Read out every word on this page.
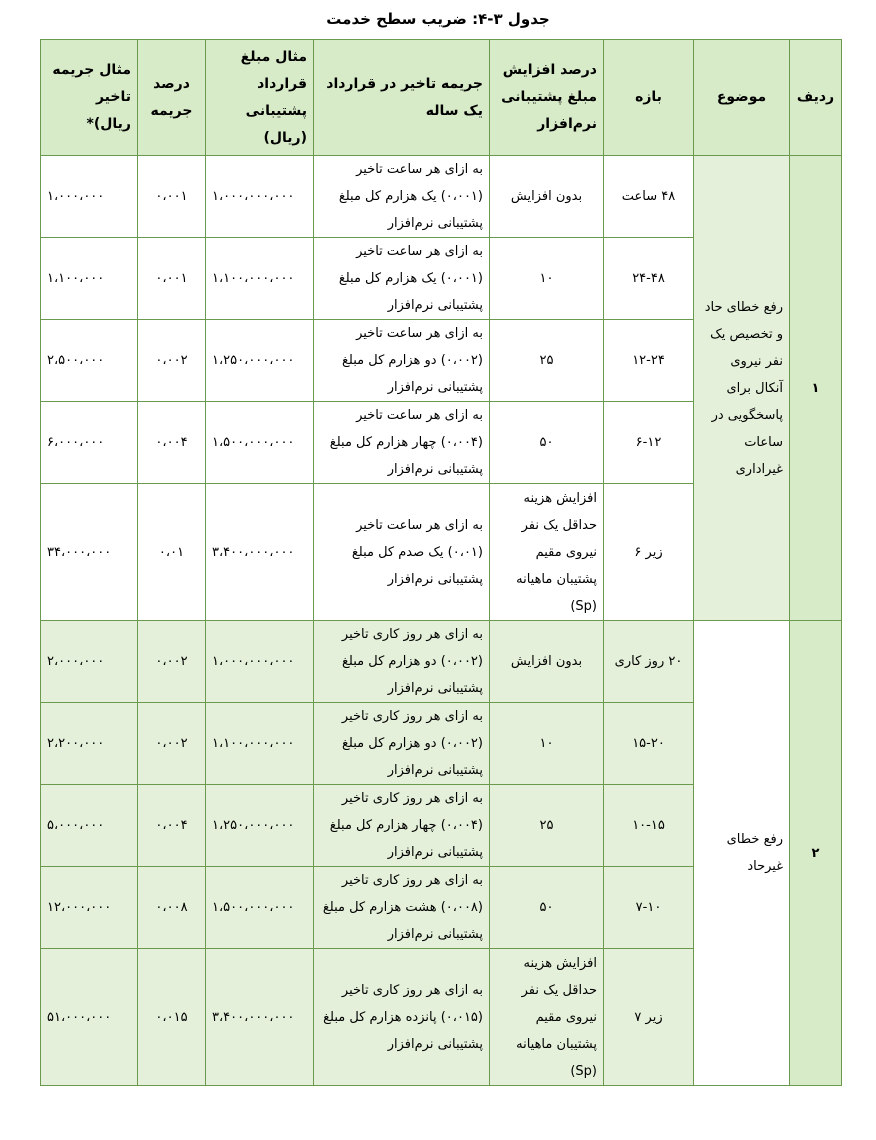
جدول ۳-۴: ضریب سطح خدمت
ردیف	موضوع	بازه	درصد افزایش مبلغ پشتیبانی نرم‌افزار	جریمه تاخیر در قرارداد یک ساله	مثال مبلغ قرارداد پشتیبانی (ریال)	درصد جریمه	مثال جریمه تاخیر ریال)*
۱	رفع خطای حاد و تخصیص یک نفر نیروی آنکال برای پاسخگویی در ساعات غیراداری	۴۸ ساعت	بدون افزایش	به ازای هر ساعت تاخیر (۰،۰۰۱) یک هزارم کل مبلغ پشتیبانی نرم‌افزار	۱،۰۰۰،۰۰۰،۰۰۰	۰،۰۰۱	۱،۰۰۰،۰۰۰
		۲۴-۴۸	۱۰	به ازای هر ساعت تاخیر (۰،۰۰۱) یک هزارم کل مبلغ پشتیبانی نرم‌افزار	۱،۱۰۰،۰۰۰،۰۰۰	۰،۰۰۱	۱،۱۰۰،۰۰۰
		۱۲-۲۴	۲۵	به ازای هر ساعت تاخیر (۰،۰۰۲) دو هزارم کل مبلغ پشتیبانی نرم‌افزار	۱،۲۵۰،۰۰۰،۰۰۰	۰،۰۰۲	۲،۵۰۰،۰۰۰
		۶-۱۲	۵۰	به ازای هر ساعت تاخیر (۰،۰۰۴) چهار هزارم کل مبلغ پشتیبانی نرم‌افزار	۱،۵۰۰،۰۰۰،۰۰۰	۰،۰۰۴	۶،۰۰۰،۰۰۰
		زیر ۶	افزایش هزینه حداقل یک نفر نیروی مقیم پشتیبان ماهیانه (Sp)	به ازای هر ساعت تاخیر (۰،۰۱) یک صدم کل مبلغ پشتیبانی نرم‌افزار	۳،۴۰۰،۰۰۰،۰۰۰	۰،۰۱	۳۴،۰۰۰،۰۰۰
۲	رفع خطای غیرحاد	۲۰ روز کاری	بدون افزایش	به ازای هر روز کاری تاخیر (۰،۰۰۲) دو هزارم کل مبلغ پشتیبانی نرم‌افزار	۱،۰۰۰،۰۰۰،۰۰۰	۰،۰۰۲	۲،۰۰۰،۰۰۰
		۱۵-۲۰	۱۰	به ازای هر روز کاری تاخیر (۰،۰۰۲) دو هزارم کل مبلغ پشتیبانی نرم‌افزار	۱،۱۰۰،۰۰۰،۰۰۰	۰،۰۰۲	۲،۲۰۰،۰۰۰
		۱۰-۱۵	۲۵	به ازای هر روز کاری تاخیر (۰،۰۰۴) چهار هزارم کل مبلغ پشتیبانی نرم‌افزار	۱،۲۵۰،۰۰۰،۰۰۰	۰،۰۰۴	۵،۰۰۰،۰۰۰
		۷-۱۰	۵۰	به ازای هر روز کاری تاخیر (۰،۰۰۸) هشت هزارم کل مبلغ پشتیبانی نرم‌افزار	۱،۵۰۰،۰۰۰،۰۰۰	۰،۰۰۸	۱۲،۰۰۰،۰۰۰
		زیر ۷	افزایش هزینه حداقل یک نفر نیروی مقیم پشتیبان ماهیانه (Sp)	به ازای هر روز کاری تاخیر (۰،۰۱۵) پانزده هزارم کل مبلغ پشتیبانی نرم‌افزار	۳،۴۰۰،۰۰۰،۰۰۰	۰،۰۱۵	۵۱،۰۰۰،۰۰۰
